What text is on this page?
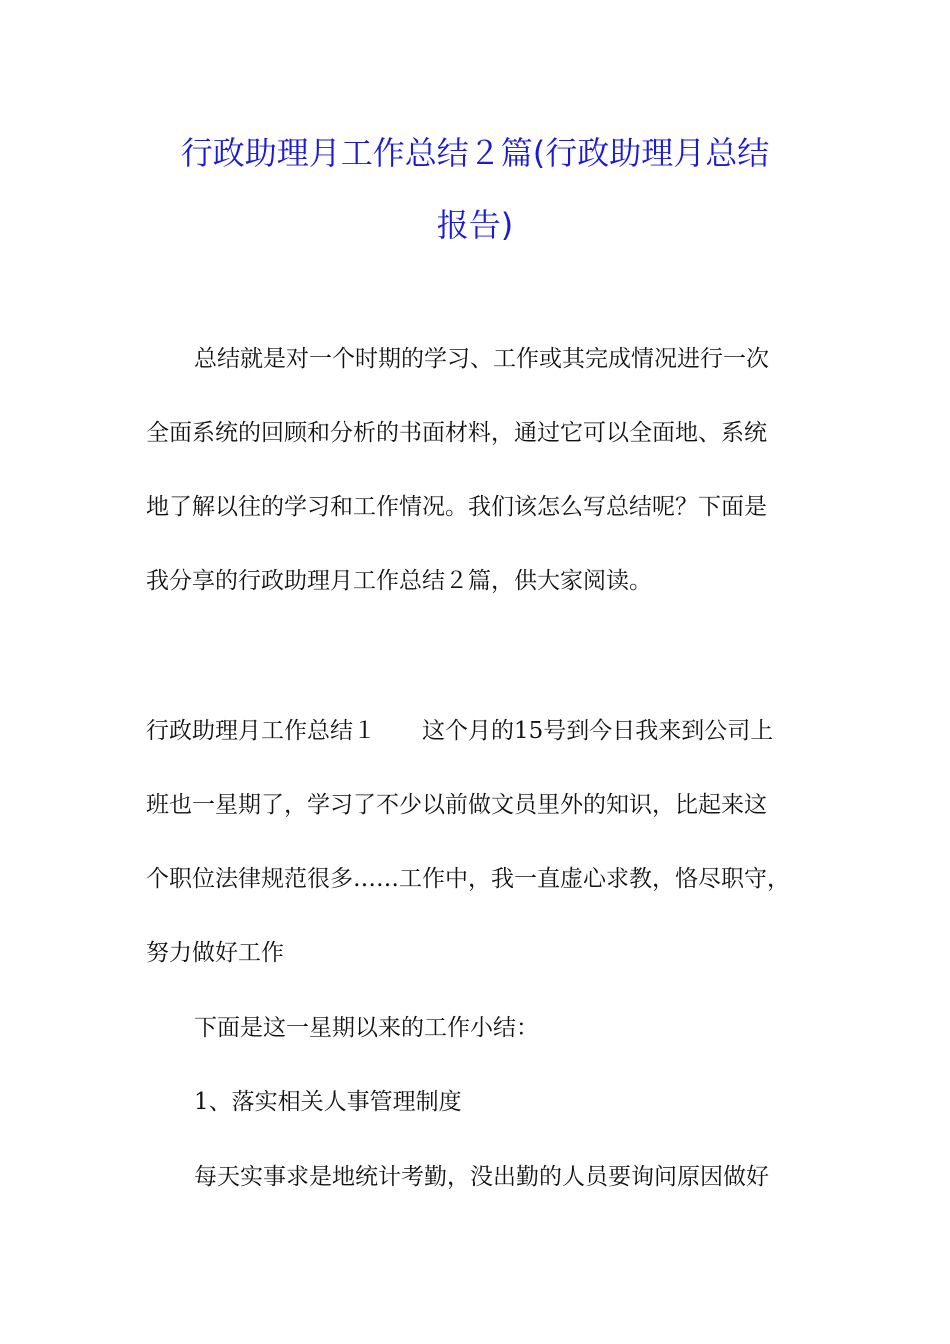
行政助理月工作总结２篇(行政助理月总结
报告)

总结就是对一个时期的学习、工作或其完成情况进行一次

全面系统的回顾和分析的书面材料，通过它可以全面地、系统

地了解以往的学习和工作情况。我们该怎么写总结呢？下面是

我分享的行政助理月工作总结２篇，供大家阅读。

行政助理月工作总结１　　这个月的15号到今日我来到公司上

班也一星期了，学习了不少以前做文员里外的知识，比起来这

个职位法律规范很多……工作中，我一直虚心求教，恪尽职守，

努力做好工作

下面是这一星期以来的工作小结：

1、落实相关人事管理制度

每天实事求是地统计考勤，没出勤的人员要询问原因做好
